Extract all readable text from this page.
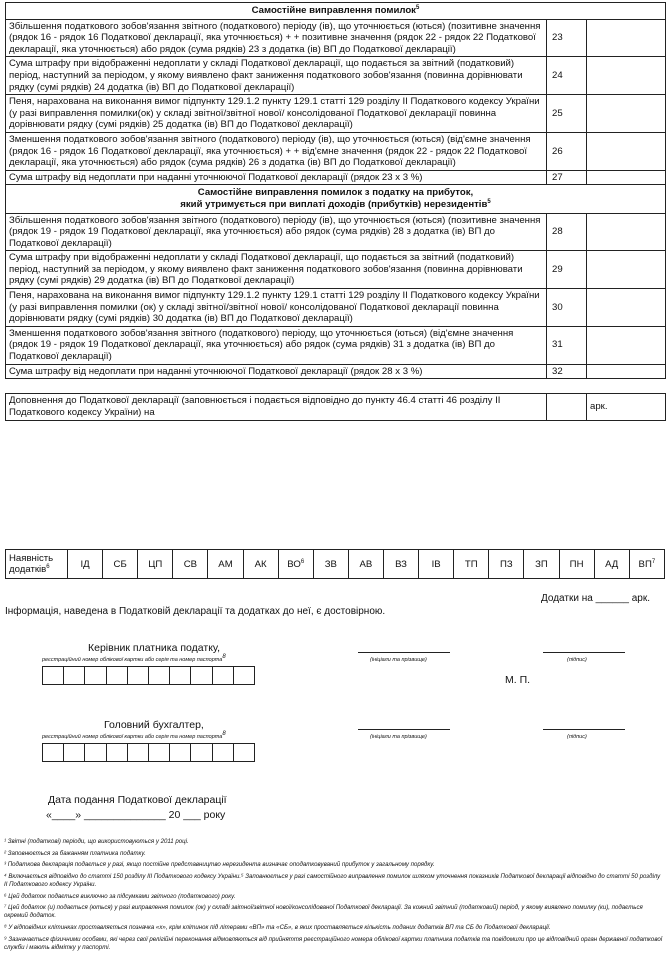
Самостійне виправлення помилок$^5$
Збільшення податкового зобов'язання звітного (податкового) періоду (ів), що уточнюється (ються) (позитивне значення (рядок 16 - рядок 16 Податкової декларації, яка уточнюється) + + позитивне значення (рядок 22 - рядок 22 Податкової декларації, яка уточнюється) або рядок (сума рядків) 23 з додатка (ів) ВП до Податкової декларації)	23	
Сума штрафу при відображенні недоплати у складі Податкової декларації, що подається за звітний (податковий) період, наступний за періодом, у якому виявлено факт заниження податкового зобов'язання (повинна дорівнювати рядку (сумі рядків) 24 додатка (ів) ВП до Податкової декларації)	24	
Пеня, нарахована на виконання вимог підпункту 129.1.2 пункту 129.1 статті 129 розділу ІІ Податкового кодексу України (у разі виправлення помилки(ок) у складі звітної/звітної нової/ консолідованої Податкової декларації повинна дорівнювати рядку (сумі рядків) 25 додатка (ів) ВП до Податкової декларації)	25	
Зменшення податкового зобов'язання звітного (податкового) періоду (ів), що уточнюється (ються) (від'ємне значення (рядок 16 - рядок 16 Податкової декларації, яка уточнюється) + + від'ємне значення (рядок 22 - рядок 22 Податкової декларації, яка уточнюється) або рядок (сума рядків) 26 з додатка (ів) ВП до Податкової декларації)	26	
Сума штрафу від недоплати при наданні уточнюючої Податкової декларації (рядок 23 х 3 %)	27	
Самостійне виправлення помилок з податку на прибуток,
який утримується при виплаті доходів (прибутків) нерезидентів$^5$
Збільшення податкового зобов'язання звітного (податкового) періоду (ів), що уточнюється (ються) (позитивне значення (рядок 19 - рядок 19 Податкової декларації, яка уточнюється) або рядок (сума рядків) 28 з додатка (ів) ВП до Податкової декларації)	28	
Сума штрафу при відображенні недоплати у складі Податкової декларації, що подається за звітний (податковий) період, наступний за періодом, у якому виявлено факт заниження податкового зобов'язання (повинна дорівнювати рядку (сумі рядків) 29 додатка (ів) ВП до Податкової декларації)	29	
Пеня, нарахована на виконання вимог підпункту 129.1.2 пункту 129.1 статті 129 розділу ІІ Податкового кодексу України (у разі виправлення помилки (ок) у складі звітної/звітної нової/ консолідованої Податкової декларації повинна дорівнювати рядку (сумі рядків) 30 додатка (ів) ВП до Податкової декларації)	30	
Зменшення податкового зобов'язання звітного (податкового) періоду, що уточнюється (ються) (від'ємне значення (рядок 19 - рядок 19 Податкової декларації, яка уточнюється) або рядок (сума рядків) 31 з додатка (ів) ВП до Податкової декларації)	31	
Сума штрафу від недоплати при наданні уточнюючої Податкової декларації (рядок 28 х 3 %)	32	

Доповнення до Податкової декларації (заповнюється і подається відповідно до пункту 46.4 статті 46 розділу ІІ Податкового кодексу України) на		арк.
Наявність
додатків$^6$	ІД	СБ	ЦП	СВ	АМ	АК	$ВО^6$	ЗВ	АВ	ВЗ	ІВ	ТП	ПЗ	ЗП	ПН	АД	$ВП^7$
Додатки на ______ арк.
Інформація, наведена в Податковій декларації та додатках до неї, є достовірною.
Керівник платника податку,
реєстраційний номер облікової картки або серія та номер паспорта$^8$	(ініціали та прізвище)	(підпис)
М. П.
Головний бухгалтер,
реєстраційний номер облікової картки або серія та номер паспорта$^8$	(ініціали та прізвище)	(підпис)
Дата подання Податкової декларації
«____» ______________ 20 ___ року
¹ Звітні (податкові) періоди, що використовуються у 2011 році.
² Заповнюється за бажанням платника податку.
³ Податкова декларація подається у разі, якщо постійне представництво нерезидента визначає оподатковуваний прибуток у загальному порядку.
⁴ Включається відповідно до статті 150 розділу ІІІ Податкового кодексу України.⁵ Заповнюється у разі самостійного виправлення помилок шляхом уточнення показників Податкової декларації відповідно до статті 50 розділу ІІ Податкового кодексу України.
⁶ Цей додаток подається виключно за підсумками звітного (податкового) року.
⁷ Цей додаток (и) подається (ються) у разі виправлення помилок (ок) у складі звітної/звітної нової/консолідованої Податкової декларації. За кожний звітний (податковий) період, у якому виявлено помилку (ки), подається окремий додаток.
⁸ У відповідних клітинках проставляється позначка «х», крім клітинок під літерами «ВП» та «СБ», в яких проставляється кількість поданих додатків ВП та СБ до Податкової декларації.
⁹ Зазначається фізичними особами, які через свої релігійні переконання відмовляються від прийняття реєстраційного номера облікової картки платника податків та повідомили про це відповідний орган державної податкової служби і мають відмітку у паспорті.
